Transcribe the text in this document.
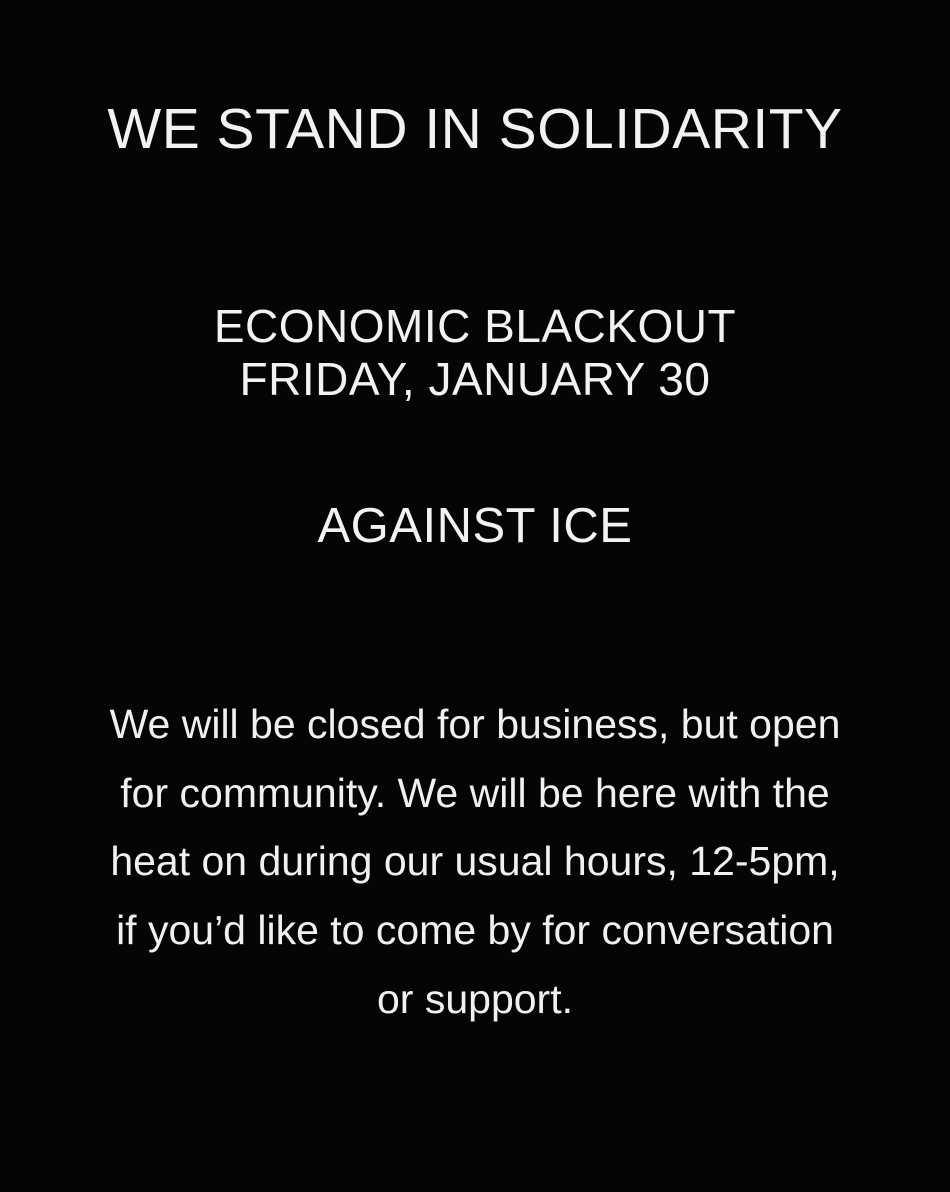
WE STAND IN SOLIDARITY
ECONOMIC BLACKOUT
FRIDAY, JANUARY 30
AGAINST ICE
We will be closed for business, but open for community. We will be here with the heat on during our usual hours, 12-5pm, if you’d like to come by for conversation or support.
